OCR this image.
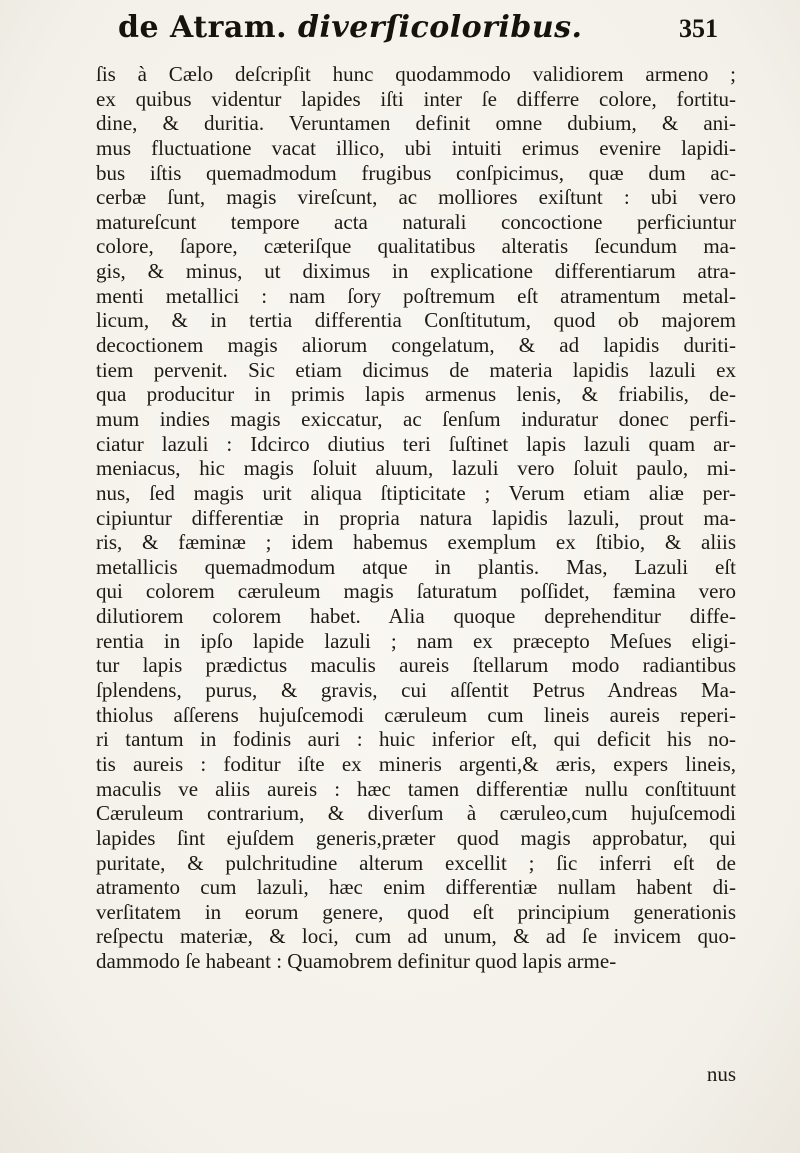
de Atram. diverſicoloribus.	351
ſis à Cælo deſcripſit hunc quodammodo validiorem armeno ;
ex quibus videntur lapides iſti inter ſe differre colore, fortitu-
dine, & duritia. Veruntamen definit omne dubium, & ani-
mus fluctuatione vacat illico, ubi intuiti erimus evenire lapidi-
bus iſtis quemadmodum frugibus conſpicimus, quæ dum ac-
cerbæ ſunt, magis vireſcunt, ac molliores exiſtunt : ubi vero
matureſcunt tempore acta naturali concoctione perficiuntur
colore, ſapore, cæteriſque qualitatibus alteratis ſecundum ma-
gis, & minus, ut diximus in explicatione differentiarum atra-
menti metallici : nam ſory poſtremum eſt atramentum metal-
licum, & in tertia differentia Conſtitutum, quod ob majorem
decoctionem magis aliorum congelatum, & ad lapidis duriti-
tiem pervenit. Sic etiam dicimus de materia lapidis lazuli ex
qua producitur in primis lapis armenus lenis, & friabilis, de-
mum indies magis exiccatur, ac ſenſum induratur donec perfi-
ciatur lazuli : Idcirco diutius teri ſuſtinet lapis lazuli quam ar-
meniacus, hic magis ſoluit aluum, lazuli vero ſoluit paulo, mi-
nus, ſed magis urit aliqua ſtipticitate ; Verum etiam aliæ per-
cipiuntur differentiæ in propria natura lapidis lazuli, prout ma-
ris, & fæminæ ; idem habemus exemplum ex ſtibio, & aliis
metallicis quemadmodum atque in plantis. Mas, Lazuli eſt
qui colorem cæruleum magis ſaturatum poſſidet, fæmina vero
dilutiorem colorem habet. Alia quoque deprehenditur diffe-
rentia in ipſo lapide lazuli ; nam ex præcepto Meſues eligi-
tur lapis prædictus maculis aureis ſtellarum modo radiantibus
ſplendens, purus, & gravis, cui aſſentit Petrus Andreas Ma-
thiolus aſſerens hujuſcemodi cæruleum cum lineis aureis reperi-
ri tantum in fodinis auri : huic inferior eſt, qui deficit his no-
tis aureis : foditur iſte ex mineris argenti,& æris, expers lineis,
maculis ve aliis aureis : hæc tamen differentiæ nullu conſtituunt
Cæruleum contrarium, & diverſum à cæruleo,cum hujuſcemodi
lapides ſint ejuſdem generis,præter quod magis approbatur, qui
puritate, & pulchritudine alterum excellit ; ſic inferri eſt de
atramento cum lazuli, hæc enim differentiæ nullam habent di-
verſitatem in eorum genere, quod eſt principium generationis
reſpectu materiæ, & loci, cum ad unum, & ad ſe invicem quo-
dammodo ſe habeant : Quamobrem definitur quod lapis arme-
nus
